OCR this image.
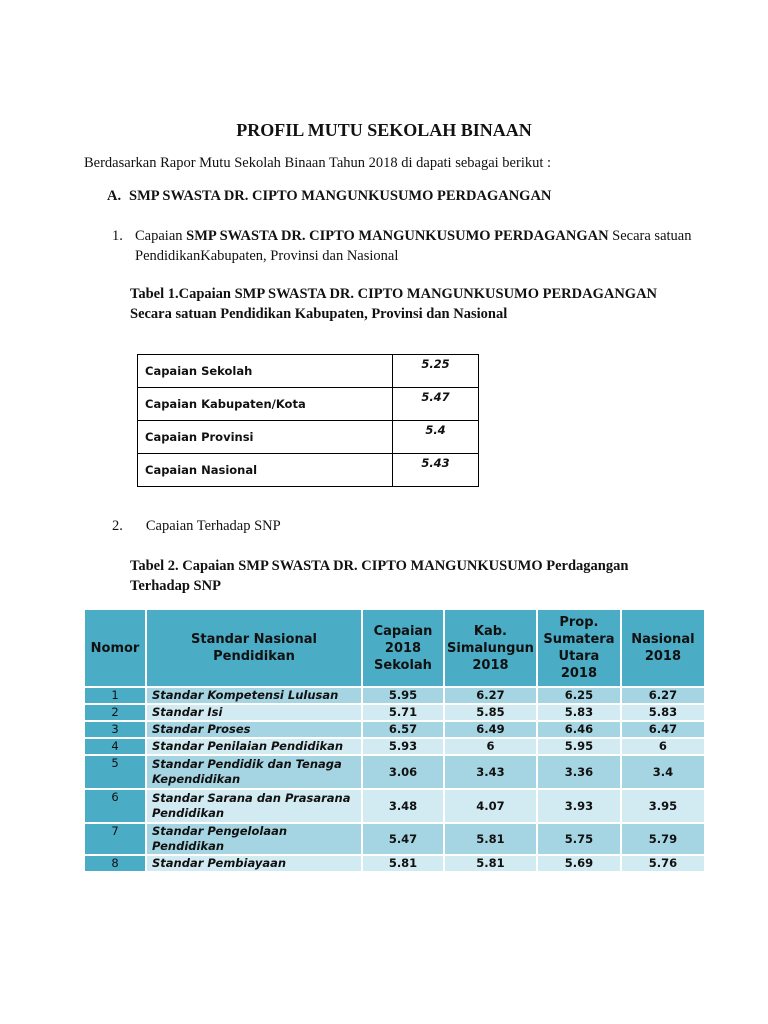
PROFIL MUTU SEKOLAH BINAAN
Berdasarkan Rapor Mutu Sekolah Binaan Tahun 2018 di dapati sebagai berikut :
A. SMP SWASTA DR. CIPTO MANGUNKUSUMO PERDAGANGAN
1. Capaian SMP SWASTA DR. CIPTO MANGUNKUSUMO PERDAGANGAN Secara satuan PendidikanKabupaten, Provinsi dan Nasional
Tabel 1.Capaian SMP SWASTA DR. CIPTO MANGUNKUSUMO PERDAGANGAN
Secara satuan Pendidikan Kabupaten, Provinsi dan Nasional
Capaian Sekolah	5.25
Capaian Kabupaten/Kota	5.47
Capaian Provinsi	5.4
Capaian Nasional	5.43
2. Capaian Terhadap SNP
Tabel 2. Capaian SMP SWASTA DR. CIPTO MANGUNKUSUMO Perdagangan
Terhadap SNP
Nomor	Standar Nasional Pendidikan	Capaian 2018 Sekolah	Kab. Simalungun 2018	Prop. Sumatera Utara 2018	Nasional 2018
1	Standar Kompetensi Lulusan	5.95	6.27	6.25	6.27
2	Standar Isi	5.71	5.85	5.83	5.83
3	Standar Proses	6.57	6.49	6.46	6.47
4	Standar Penilaian Pendidikan	5.93	6	5.95	6
5	Standar Pendidik dan Tenaga Kependidikan	3.06	3.43	3.36	3.4
6	Standar Sarana dan Prasarana Pendidikan	3.48	4.07	3.93	3.95
7	Standar Pengelolaan Pendidikan	5.47	5.81	5.75	5.79
8	Standar Pembiayaan	5.81	5.81	5.69	5.76
